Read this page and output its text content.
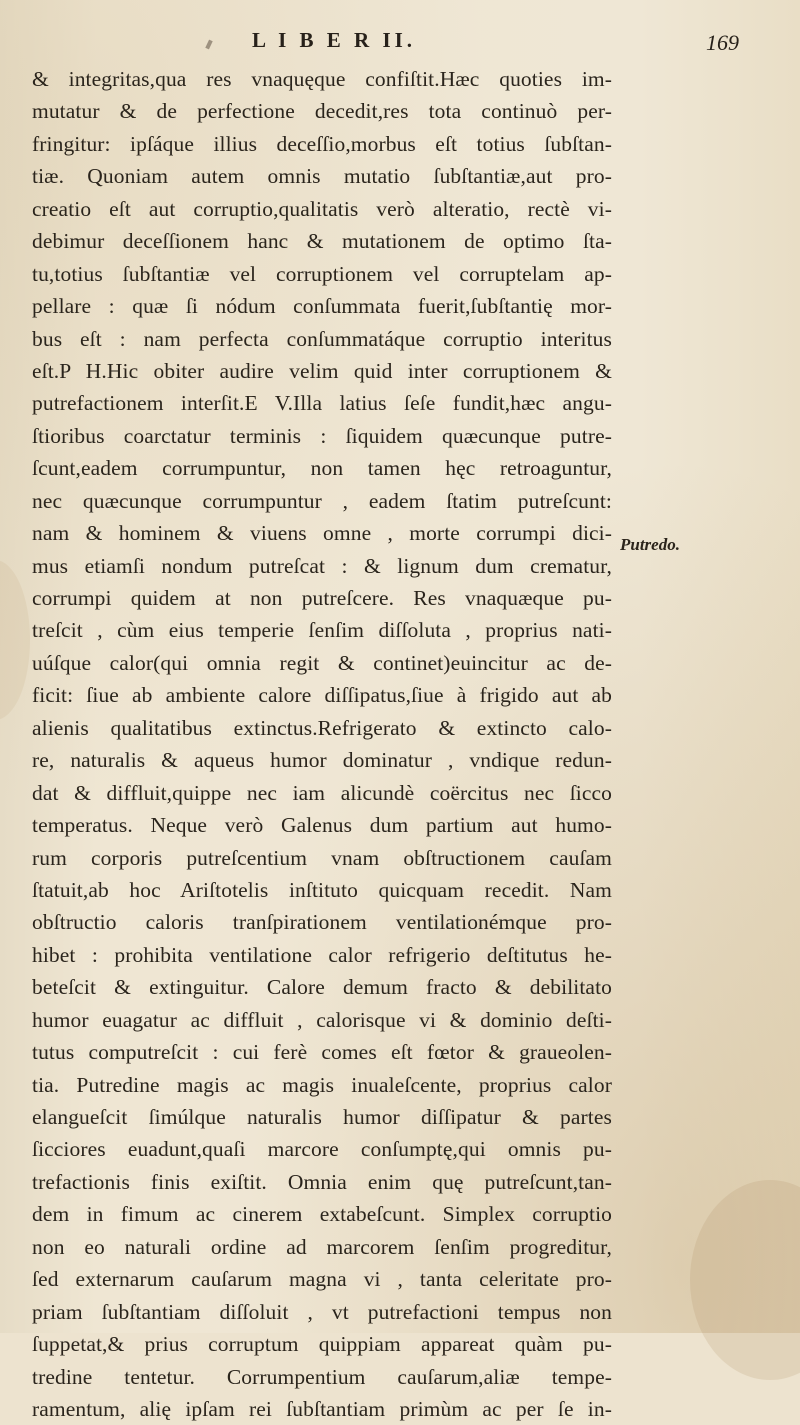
L I B E R II.	169
& integritas,qua res vnaquęque confiſtit.Hæc quoties im-
mutatur & de perfectione decedit,res tota continuò per-
fringitur: ipſáque illius deceſſio,morbus eſt totius ſubſtan-
tiæ. Quoniam autem omnis mutatio ſubſtantiæ,aut pro-
creatio eſt aut corruptio,qualitatis verò alteratio, rectè vi-
debimur deceſſionem hanc & mutationem de optimo ſta-
tu,totius ſubſtantiæ vel corruptionem vel corruptelam ap-
pellare : quæ ſi nódum conſummata fuerit,ſubſtantię mor-
bus eſt : nam perfecta conſummatáque corruptio interitus
eſt.P H.Hic obiter audire velim quid inter corruptionem &
putrefactionem interſit.E V.Illa latius ſeſe fundit,hæc angu-
ſtioribus coarctatur terminis : ſiquidem quæcunque putre-
ſcunt,eadem corrumpuntur, non tamen hęc retroaguntur,
nec quæcunque corrumpuntur , eadem ſtatim putreſcunt:
nam & hominem & viuens omne , morte corrumpi dici-
mus etiamſi nondum putreſcat : & lignum dum crematur,
corrumpi quidem at non putreſcere. Res vnaquæque pu-
treſcit , cùm eius temperie ſenſim diſſoluta , proprius nati-
uúſque calor(qui omnia regit & continet)euincitur ac de-
ficit: ſiue ab ambiente calore diſſipatus,ſiue à frigido aut ab
alienis qualitatibus extinctus.Refrigerato & extincto calo-
re, naturalis & aqueus humor dominatur , vndique redun-
dat & diffluit,quippe nec iam alicundè coërcitus nec ſicco
temperatus. Neque verò Galenus dum partium aut humo-
rum corporis putreſcentium vnam obſtructionem cauſam
ſtatuit,ab hoc Ariſtotelis inſtituto quicquam recedit. Nam
obſtructio caloris tranſpirationem ventilationémque pro-
hibet : prohibita ventilatione calor refrigerio deſtitutus he-
beteſcit & extinguitur. Calore demum fracto & debilitato
humor euagatur ac diffluit , calorisque vi & dominio deſti-
tutus computreſcit : cui ferè comes eſt fœtor & graueolen-
tia. Putredine magis ac magis inualeſcente, proprius calor
elangueſcit ſimúlque naturalis humor diſſipatur & partes
ſicciores euadunt,quaſi marcore conſumptę,qui omnis pu-
trefactionis finis exiſtit. Omnia enim quę putreſcunt,tan-
dem in fimum ac cinerem extabeſcunt. Simplex corruptio
non eo naturali ordine ad marcorem ſenſim progreditur,
ſed externarum cauſarum magna vi , tanta celeritate pro-
priam ſubſtantiam diſſoluit , vt putrefactioni tempus non
ſuppetat,& prius corruptum quippiam appareat quàm pu-
tredine tentetur. Corrumpentium cauſarum,aliæ tempe-
ramentum, alię ipſam rei ſubſtantiam primùm ac per ſe in-
Putredo.
